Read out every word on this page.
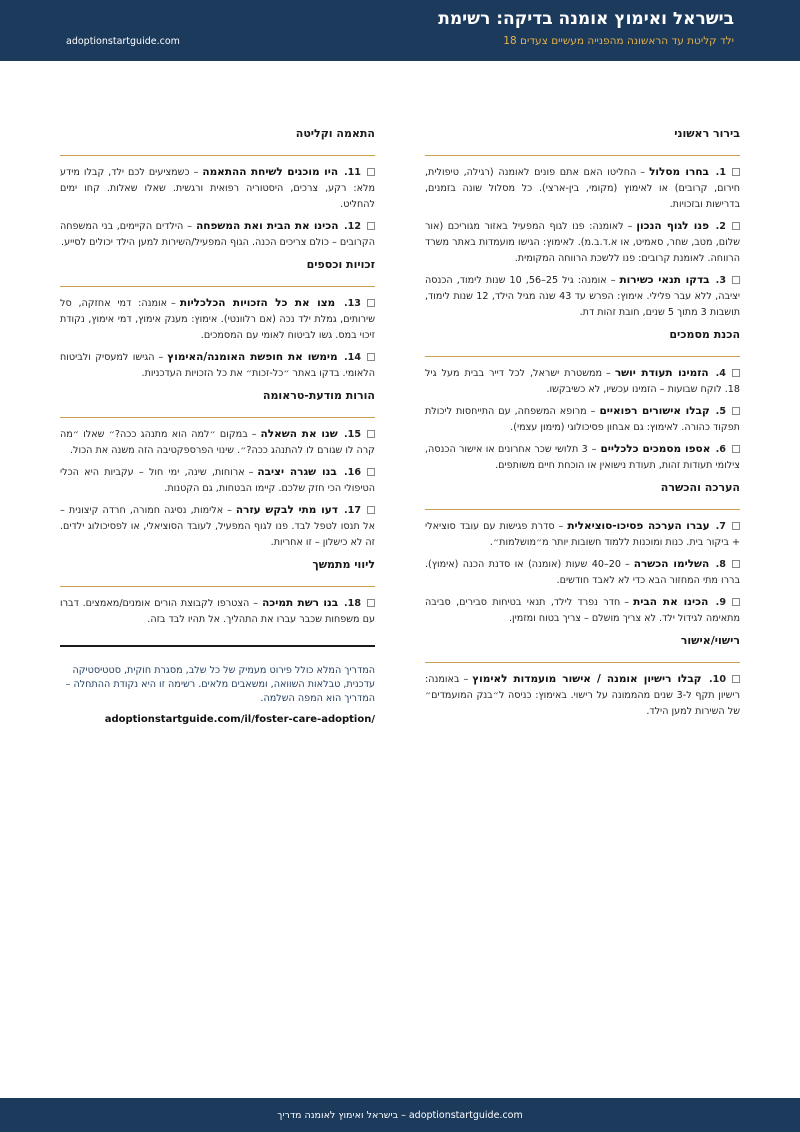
בישראל ואימוץ אומנה בדיקה: רשימת
ילד קליטת עד הראשונה מהפנייה מעשיים צעדים 18
adoptionstartguide.com
בירור ראשוני
1. בחרו מסלול–החליטו האם אתם פונים לאומנה (רגילה, טיפולית, חירום, קרובים) או לאימוץ (מקומי, בין-ארצי). כל מסלול שונה בזמנים, בדרישות ובזכויות.
2. פנו לגוף הנכון–לאומנה: פנו לגוף המפעיל באזור מגוריכם (אור שלום, מטב, שחר, סאמיט, או א.ד.ב.מ). לאימוץ: הגישו מועמדות באתר משרד הרווחה. לאומנת קרובים: פנו ללשכת הרווחה המקומית.
3. בדקו תנאי כשירות–אומנה: גיל 25–56, 10 שנות לימוד, הכנסה יציבה, ללא עבר פלילי. אימוץ: הפרש עד 43 שנה מגיל הילד, 12 שנות לימוד, תושבות 3 מתוך 5 שנים, חובת זהות דת.
הכנת מסמכים
4. הזמינו תעודת יושר–ממשטרת ישראל, לכל דייר בבית מעל גיל 18. לוקח שבועות – הזמינו עכשיו, לא כשיבקשו.
5. קבלו אישורים רפואיים–מרופא המשפחה, עם התייחסות ליכולת תפקוד כהורה. לאימוץ: גם אבחון פסיכולוגי (מימון עצמי).
6. אספו מסמכים כלכליים–3 תלושי שכר אחרונים או אישור הכנסה, צילומי תעודות זהות, תעודת נישואין או הוכחת חיים משותפים.
הערכה והכשרה
7. עברו הערכה פסיכו-סוציאלית–סדרת פגישות עם עובד סוציאלי + ביקור בית. כנות ומוכנות ללמוד חשובות יותר מ״מושלמות״.
8. השלימו הכשרה–20–40 שעות (אומנה) או סדנת הכנה (אימוץ). בררו מתי המחזור הבא כדי לא לאבד חודשים.
9. הכינו את הבית–חדר נפרד לילד, תנאי בטיחות סבירים, סביבה מתאימה לגידול ילד. לא צריך מושלם – צריך בטוח ומזמין.
רישוי/אישור
10. קבלו רישיון אומנה / אישור מועמדות לאימוץ–באומנה: רישיון תקף ל-3 שנים מהממונה על רישוי. באימוץ: כניסה ל״בנק המועמדים״ של השירות למען הילד.
התאמה וקליטה
11. היו מוכנים לשיחת ההתאמה–כשמציעים לכם ילד, קבלו מידע מלא: רקע, צרכים, היסטוריה רפואית ורגשית. שאלו שאלות. קחו ימים להחליט.
12. הכינו את הבית ואת המשפחה–הילדים הקיימים, בני המשפחה הקרובים – כולם צריכים הכנה. הגוף המפעיל/השירות למען הילד יכולים לסייע.
זכויות וכספים
13. מצו את כל הזכויות הכלכליות–אומנה: דמי אחזקה, סל שירותים, גמלת ילד נכה (אם רלוונטי). אימוץ: מענק אימוץ, דמי אימוץ, נקודת זיכוי במס. גשו לביטוח לאומי עם המסמכים.
14. מימשו את חופשת האומנה/האימוץ–הגישו למעסיק ולביטוח הלאומי. בדקו באתר ״כל-זכות״ את כל הזכויות העדכניות.
הורות מודעת-טראומה
15. שנו את השאלה–במקום ״למה הוא מתנהג ככה?״ שאלו ״מה קרה לו שגורם לו להתנהג ככה?״. שינוי הפרספקטיבה הזה משנה את הכול.
16. בנו שגרה יציבה–ארוחות, שינה, ימי חול – עקביות היא הכלי הטיפולי הכי חזק שלכם. קיימו הבטחות, גם הקטנות.
17. דעו מתי לבקש עזרה–אלימות, נסיגה חמורה, חרדה קיצונית – אל תנסו לטפל לבד. פנו לגוף המפעיל, לעובד הסוציאלי, או לפסיכולוג ילדים. זה לא כישלון – זו אחריות.
ליווי מתמשך
18. בנו רשת תמיכה–הצטרפו לקבוצת הורים אומנים/מאמצים. דברו עם משפחות שכבר עברו את התהליך. אל תהיו לבד בזה.
המדריך המלא כולל פירוט מעמיק של כל שלב, מסגרת חוקית, סטטיסטיקה עדכנית, טבלאות השוואה, ומשאבים מלאים. רשימה זו היא נקודת ההתחלה – המדריך הוא המפה השלמה.
adoptionstartguide.com/il/foster-care-adoption/
adoptionstartguide.com – בישראל ואימוץ לאומנה מדריך
